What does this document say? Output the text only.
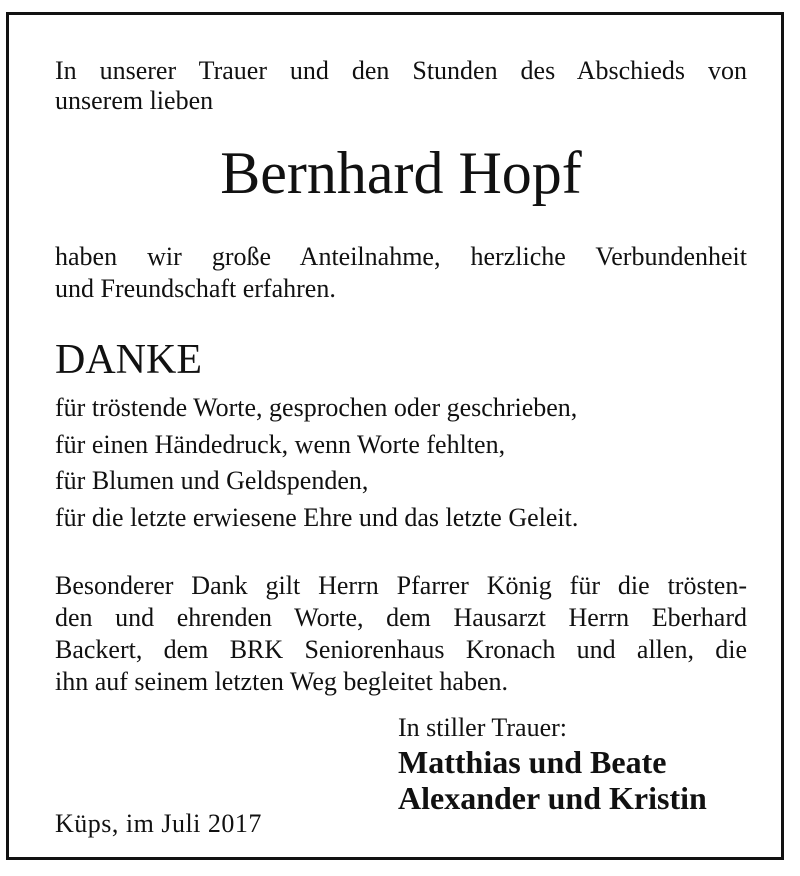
In unserer Trauer und den Stunden des Abschieds von
unserem lieben

Bernhard Hopf

haben wir große Anteilnahme, herzliche Verbundenheit
und Freundschaft erfahren.

DANKE
für tröstende Worte, gesprochen oder geschrieben,
für einen Händedruck, wenn Worte fehlten,
für Blumen und Geldspenden,
für die letzte erwiesene Ehre und das letzte Geleit.

Besonderer Dank gilt Herrn Pfarrer König für die trösten-
den und ehrenden Worte, dem Hausarzt Herrn Eberhard
Backert, dem BRK Seniorenhaus Kronach und allen, die
ihn auf seinem letzten Weg begleitet haben.

In stiller Trauer:
Matthias und Beate
Alexander und Kristin
Küps, im Juli 2017
